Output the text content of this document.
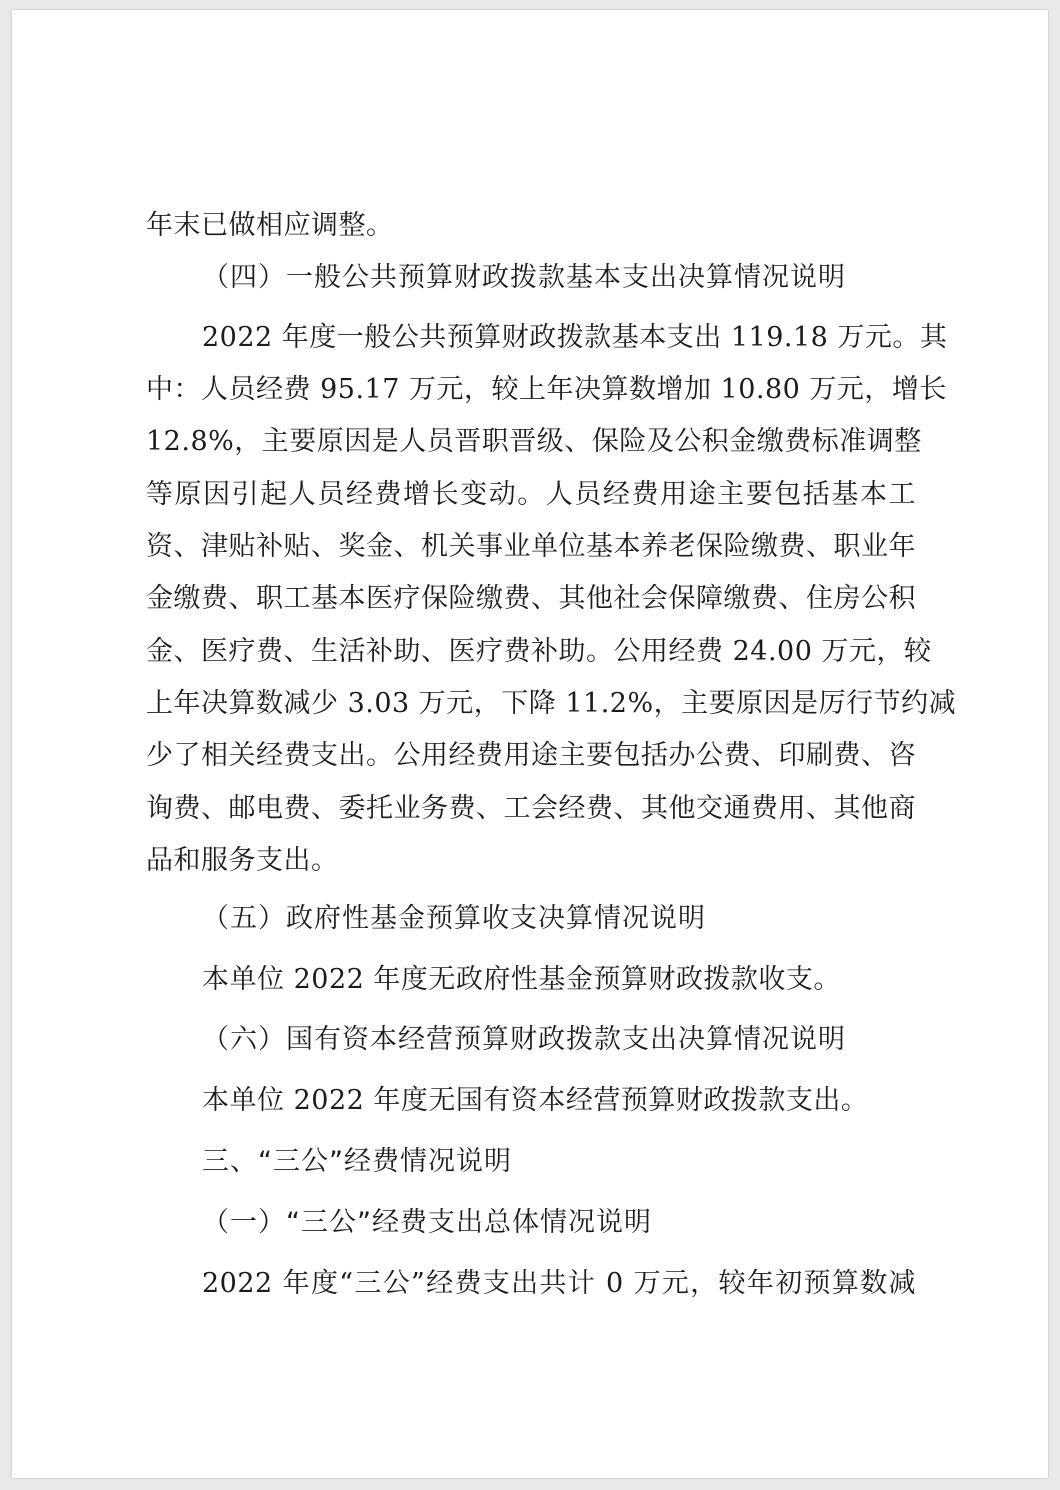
年末已做相应调整。
（四）一般公共预算财政拨款基本支出决算情况说明
2022 年度一般公共预算财政拨款基本支出 119.18 万元。其
中：人员经费 95.17 万元，较上年决算数增加 10.80 万元，增长
12.8%，主要原因是人员晋职晋级、保险及公积金缴费标准调整
等原因引起人员经费增长变动。人员经费用途主要包括基本工
资、津贴补贴、奖金、机关事业单位基本养老保险缴费、职业年
金缴费、职工基本医疗保险缴费、其他社会保障缴费、住房公积
金、医疗费、生活补助、医疗费补助。公用经费 24.00 万元，较
上年决算数减少 3.03 万元，下降 11.2%，主要原因是厉行节约减
少了相关经费支出。公用经费用途主要包括办公费、印刷费、咨
询费、邮电费、委托业务费、工会经费、其他交通费用、其他商
品和服务支出。
（五）政府性基金预算收支决算情况说明
本单位 2022 年度无政府性基金预算财政拨款收支。
（六）国有资本经营预算财政拨款支出决算情况说明
本单位 2022 年度无国有资本经营预算财政拨款支出。
三、“三公”经费情况说明
（一）“三公”经费支出总体情况说明
2022 年度“三公”经费支出共计 0 万元，较年初预算数减
